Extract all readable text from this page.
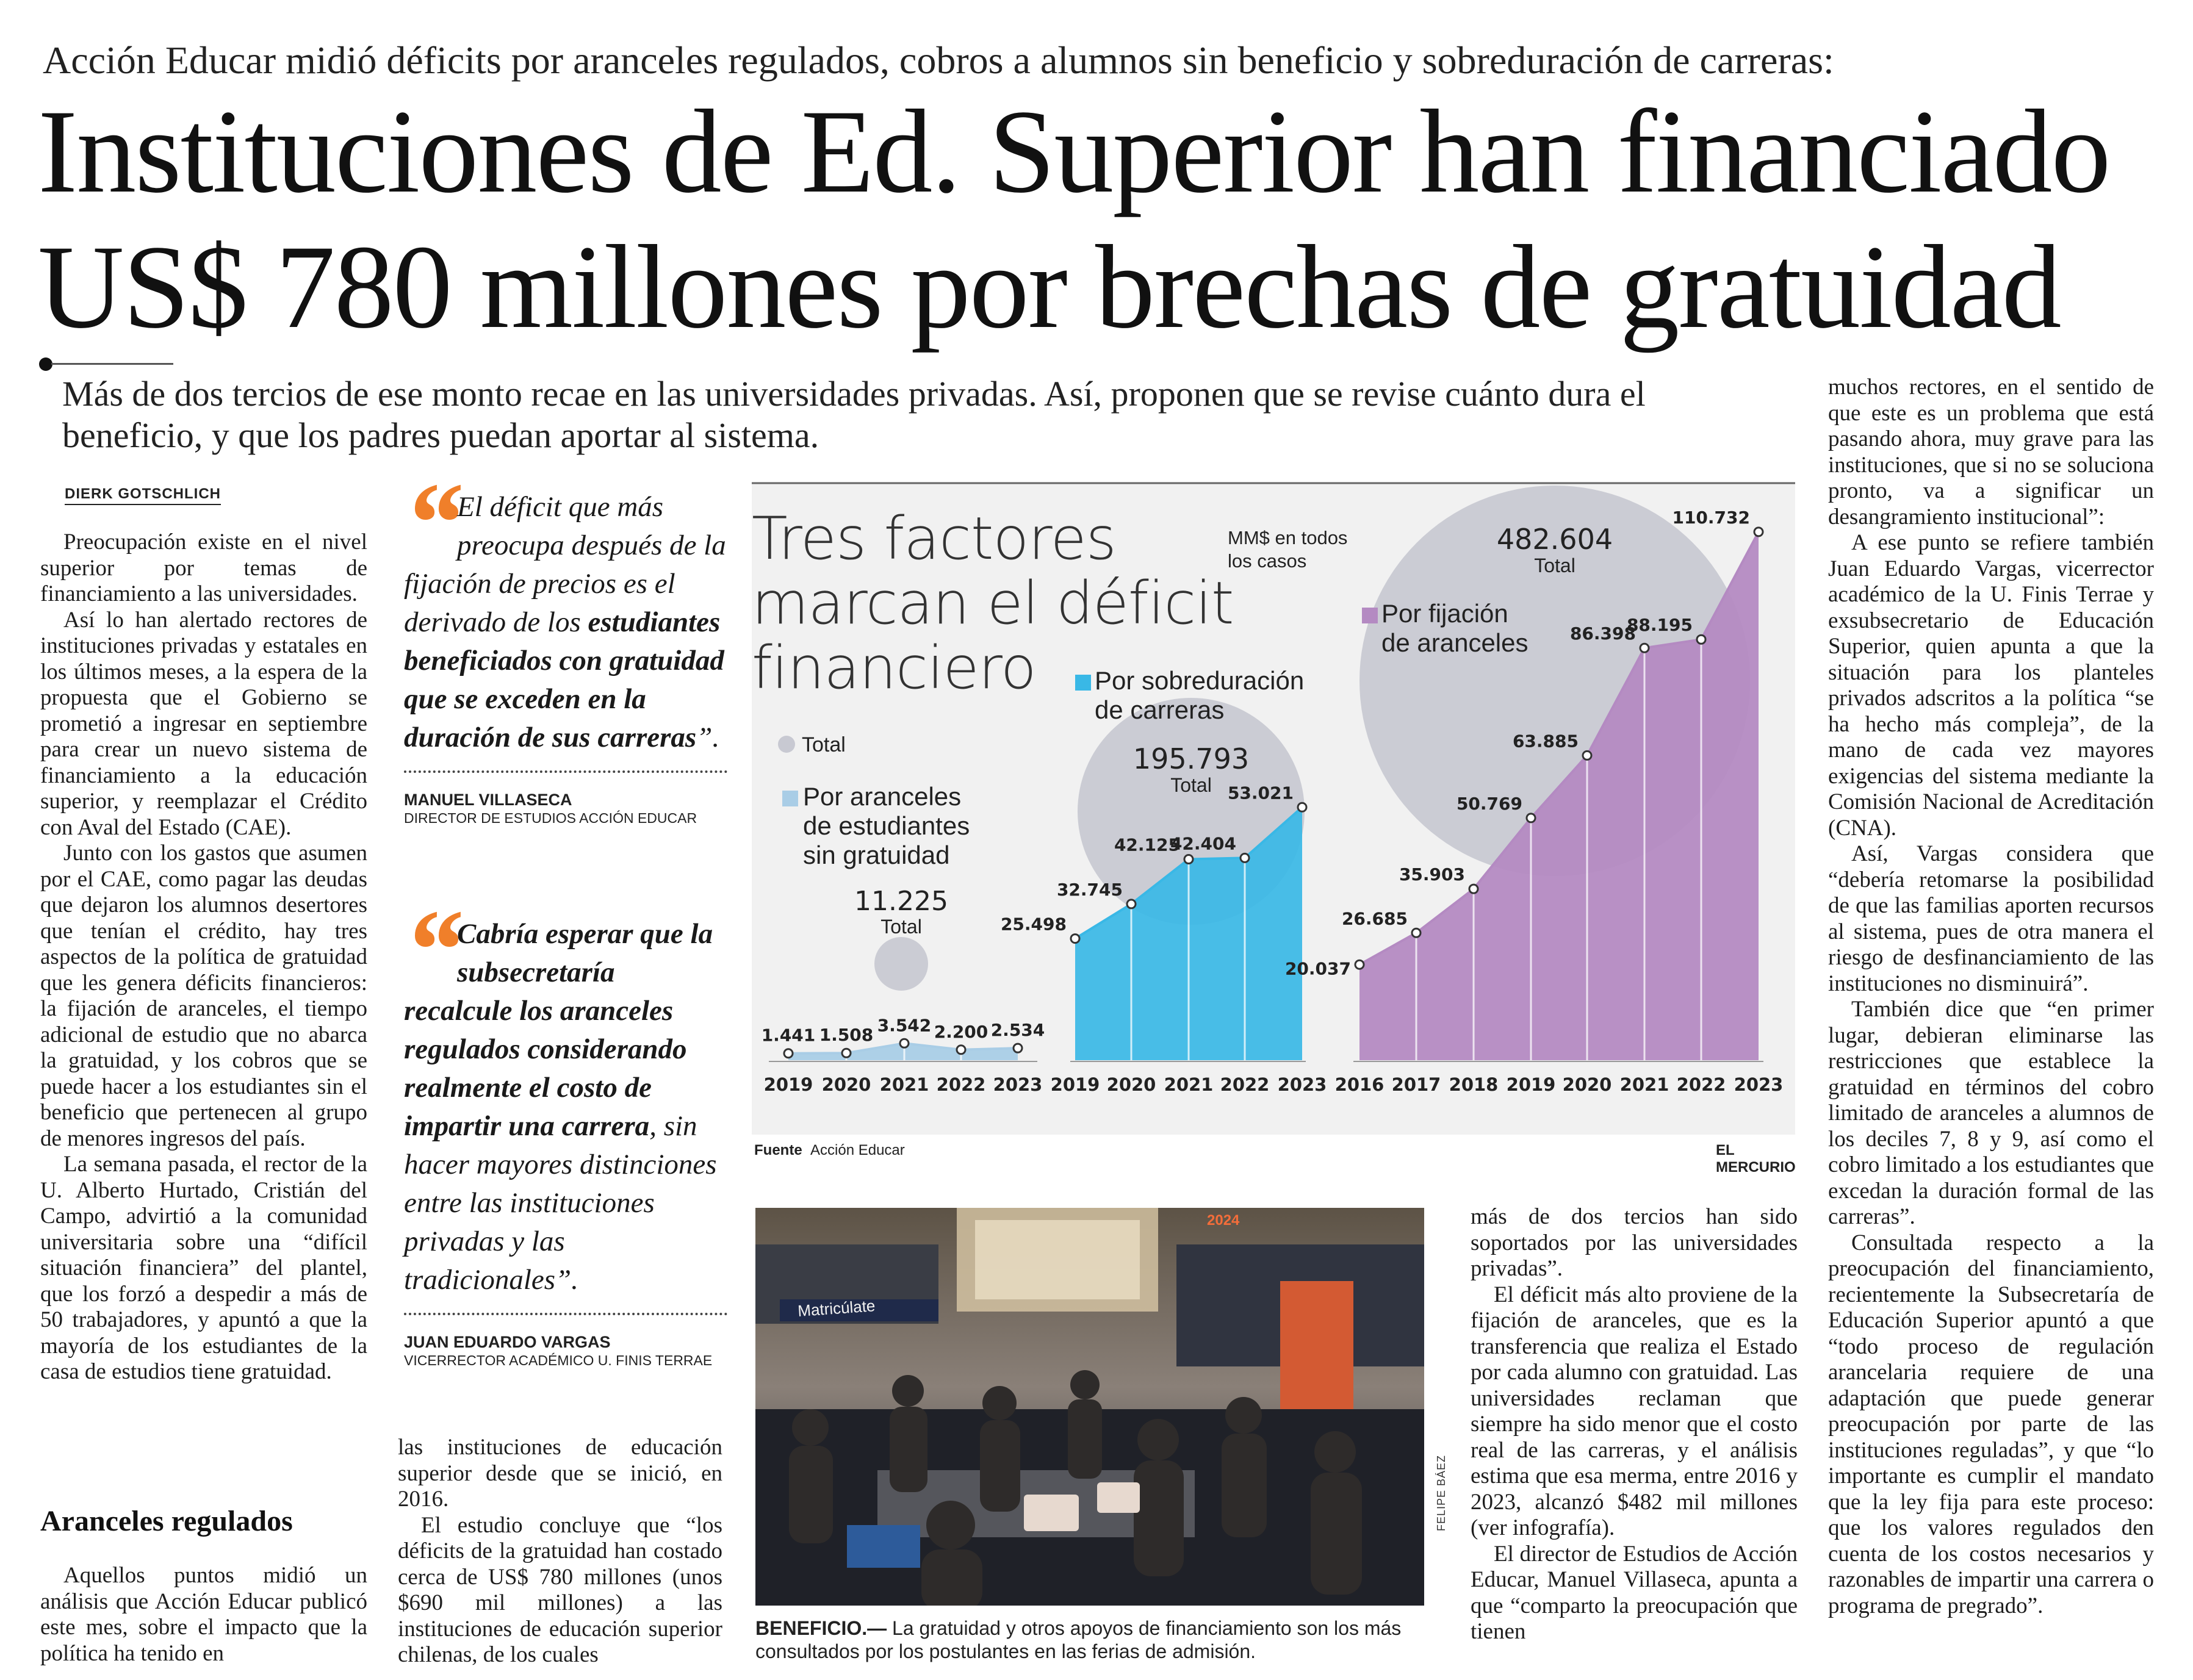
Acción Educar midió déficits por aranceles regulados, cobros a alumnos sin beneficio y sobreduración de carreras:
Instituciones de Ed. Superior han financiado
US$ 780 millones por brechas de gratuidad
Más de dos tercios de ese monto recae en las universidades privadas. Así, proponen que se revise cuánto dura el beneficio, y que los padres puedan aportar al sistema.
DIERK GOTSCHLICH

Preocupación existe en el nivel superior por temas de financiamiento a las universidades.

Así lo han alertado rectores de instituciones privadas y estatales en los últimos meses, a la espera de la propuesta que el Gobierno se prometió a ingresar en septiembre para crear un nuevo sistema de financiamiento a la educación superior, y reemplazar el Crédito con Aval del Estado (CAE).

Junto con los gastos que asumen por el CAE, como pagar las deudas que dejaron los alumnos desertores que tenían el crédito, hay tres aspectos de la política de gratuidad que les genera déficits financieros: la fijación de aranceles, el tiempo adicional de estudio que no abarca la gratuidad, y los cobros que se puede hacer a los estudiantes sin el beneficio que pertenecen al grupo de menores ingresos del país.

La semana pasada, el rector de la U. Alberto Hurtado, Cristián del Campo, advirtió a la comunidad universitaria sobre una “difícil situación financiera” del plantel, que los forzó a despedir a más de 50 trabajadores, y apuntó a que la mayoría de los estudiantes de la casa de estudios tiene gratuidad.

Aranceles regulados

Aquellos puntos midió un análisis que Acción Educar publicó este mes, sobre el impacto que la política ha tenido en

“ El déficit que más preocupa después de la fijación de precios es el derivado de los estudiantes beneficiados con gratuidad que se exceden en la duración de sus carreras”.
MANUEL VILLASECA
DIRECTOR DE ESTUDIOS ACCIÓN EDUCAR
“ Cabría esperar que la subsecretaría recalcule los aranceles regulados considerando realmente el costo de impartir una carrera, sin hacer mayores distinciones entre las instituciones privadas y las tradicionales”.
JUAN EDUARDO VARGAS
VICERRECTOR ACADÉMICO U. FINIS TERRAE

las instituciones de educación superior desde que se inició, en 2016.

El estudio concluye que “los déficits de la gratuidad han costado cerca de US$ 780 millones (unos $690 mil millones) a las instituciones de educación superior chilenas, de los cuales

Total
MM$ en todos
los casos
11.225
Total
1.441 1.508 3.542 2.200 2.534
2019 2020 2021 2022 2023
Por aranceles
de estudiantes
sin gratuidad
195.793
Total
25.498
32.745
42.125
42.404
53.021
2019 2020 2021 2022 2023
Por sobreduración
de carreras
482.604
Total
20.037
26.685
35.903
50.769
63.885
86.398
88.195
110.732
2016 2017 2018 2019 2020 2021 2022 2023
Por fijación
de aranceles
Tres factores
marcan el déficit
financiero
Fuente Acción Educar	EL MERCURIO
Matricúlate
2024
FELIPE BÁEZ
BENEFICIO.— La gratuidad y otros apoyos de financiamiento son los más consultados por los postulantes en las ferias de admisión.

más de dos tercios han sido soportados por las universidades privadas”.

El déficit más alto proviene de la fijación de aranceles, que es la transferencia que realiza el Estado por cada alumno con gratuidad. Las universidades reclaman que siempre ha sido menor que el costo real de las carreras, y el análisis estima que esa merma, entre 2016 y 2023, alcanzó $482 mil millones (ver infografía).

El director de Estudios de Acción Educar, Manuel Villaseca, apunta a que “comparto la preocupación que tienen

muchos rectores, en el sentido de que este es un problema que está pasando ahora, muy grave para las instituciones, que si no se soluciona pronto, va a significar un desangramiento institucional”:

A ese punto se refiere también Juan Eduardo Vargas, vicerrector académico de la U. Finis Terrae y exsubsecretario de Educación Superior, quien apunta a que la situación para los planteles privados adscritos a la política “se ha hecho más compleja”, de la mano de cada vez mayores exigencias del sistema mediante la Comisión Nacional de Acreditación (CNA).

Así, Vargas considera que “debería retomarse la posibilidad de que las familias aporten recursos al sistema, pues de otra manera el riesgo de desfinanciamiento de las instituciones no disminuirá”.

También dice que “en primer lugar, debieran eliminarse las restricciones que establece la gratuidad en términos del cobro limitado de aranceles a alumnos de los deciles 7, 8 y 9, así como el cobro limitado a los estudiantes que excedan la duración formal de las carreras”.

Consultada respecto a la preocupación del financiamiento, recientemente la Subsecretaría de Educación Superior apuntó a que “todo proceso de regulación arancelaria requiere de una adaptación que puede generar preocupación por parte de las instituciones reguladas”, y que “lo importante es cumplir el mandato que la ley fija para este proceso: que los valores regulados den cuenta de los costos necesarios y razonables de impartir una carrera o programa de pregrado”.
